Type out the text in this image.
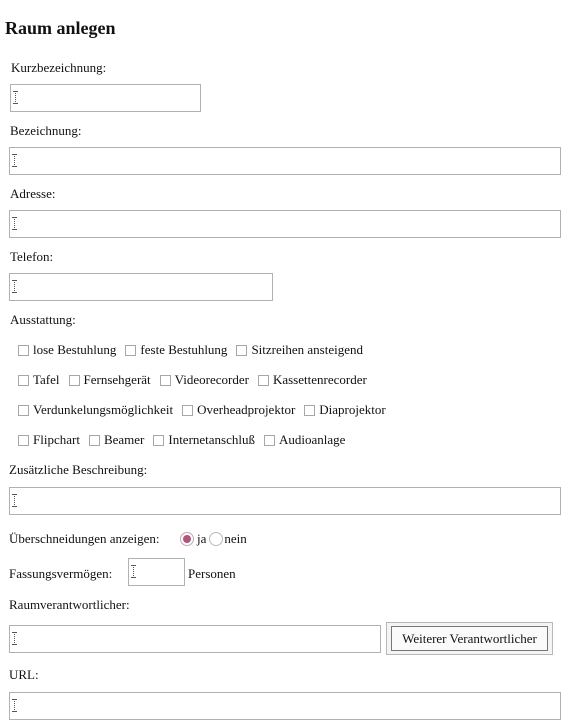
Raum anlegen
Kurzbezeichnung:
Bezeichnung:
Adresse:
Telefon:
Ausstattung:
lose Bestuhlung feste Bestuhlung Sitzreihen ansteigend
Tafel Fernsehgerät Videorecorder Kassettenrecorder
Verdunkelungsmöglichkeit Overheadprojektor Diaprojektor
Flipchart Beamer Internetanschluß Audioanlage
Zusätzliche Beschreibung:
Überschneidungen anzeigen:	ja nein
Fassungsvermögen:	Personen
Raumverantwortlicher:
Weiterer Verantwortlicher
URL:
